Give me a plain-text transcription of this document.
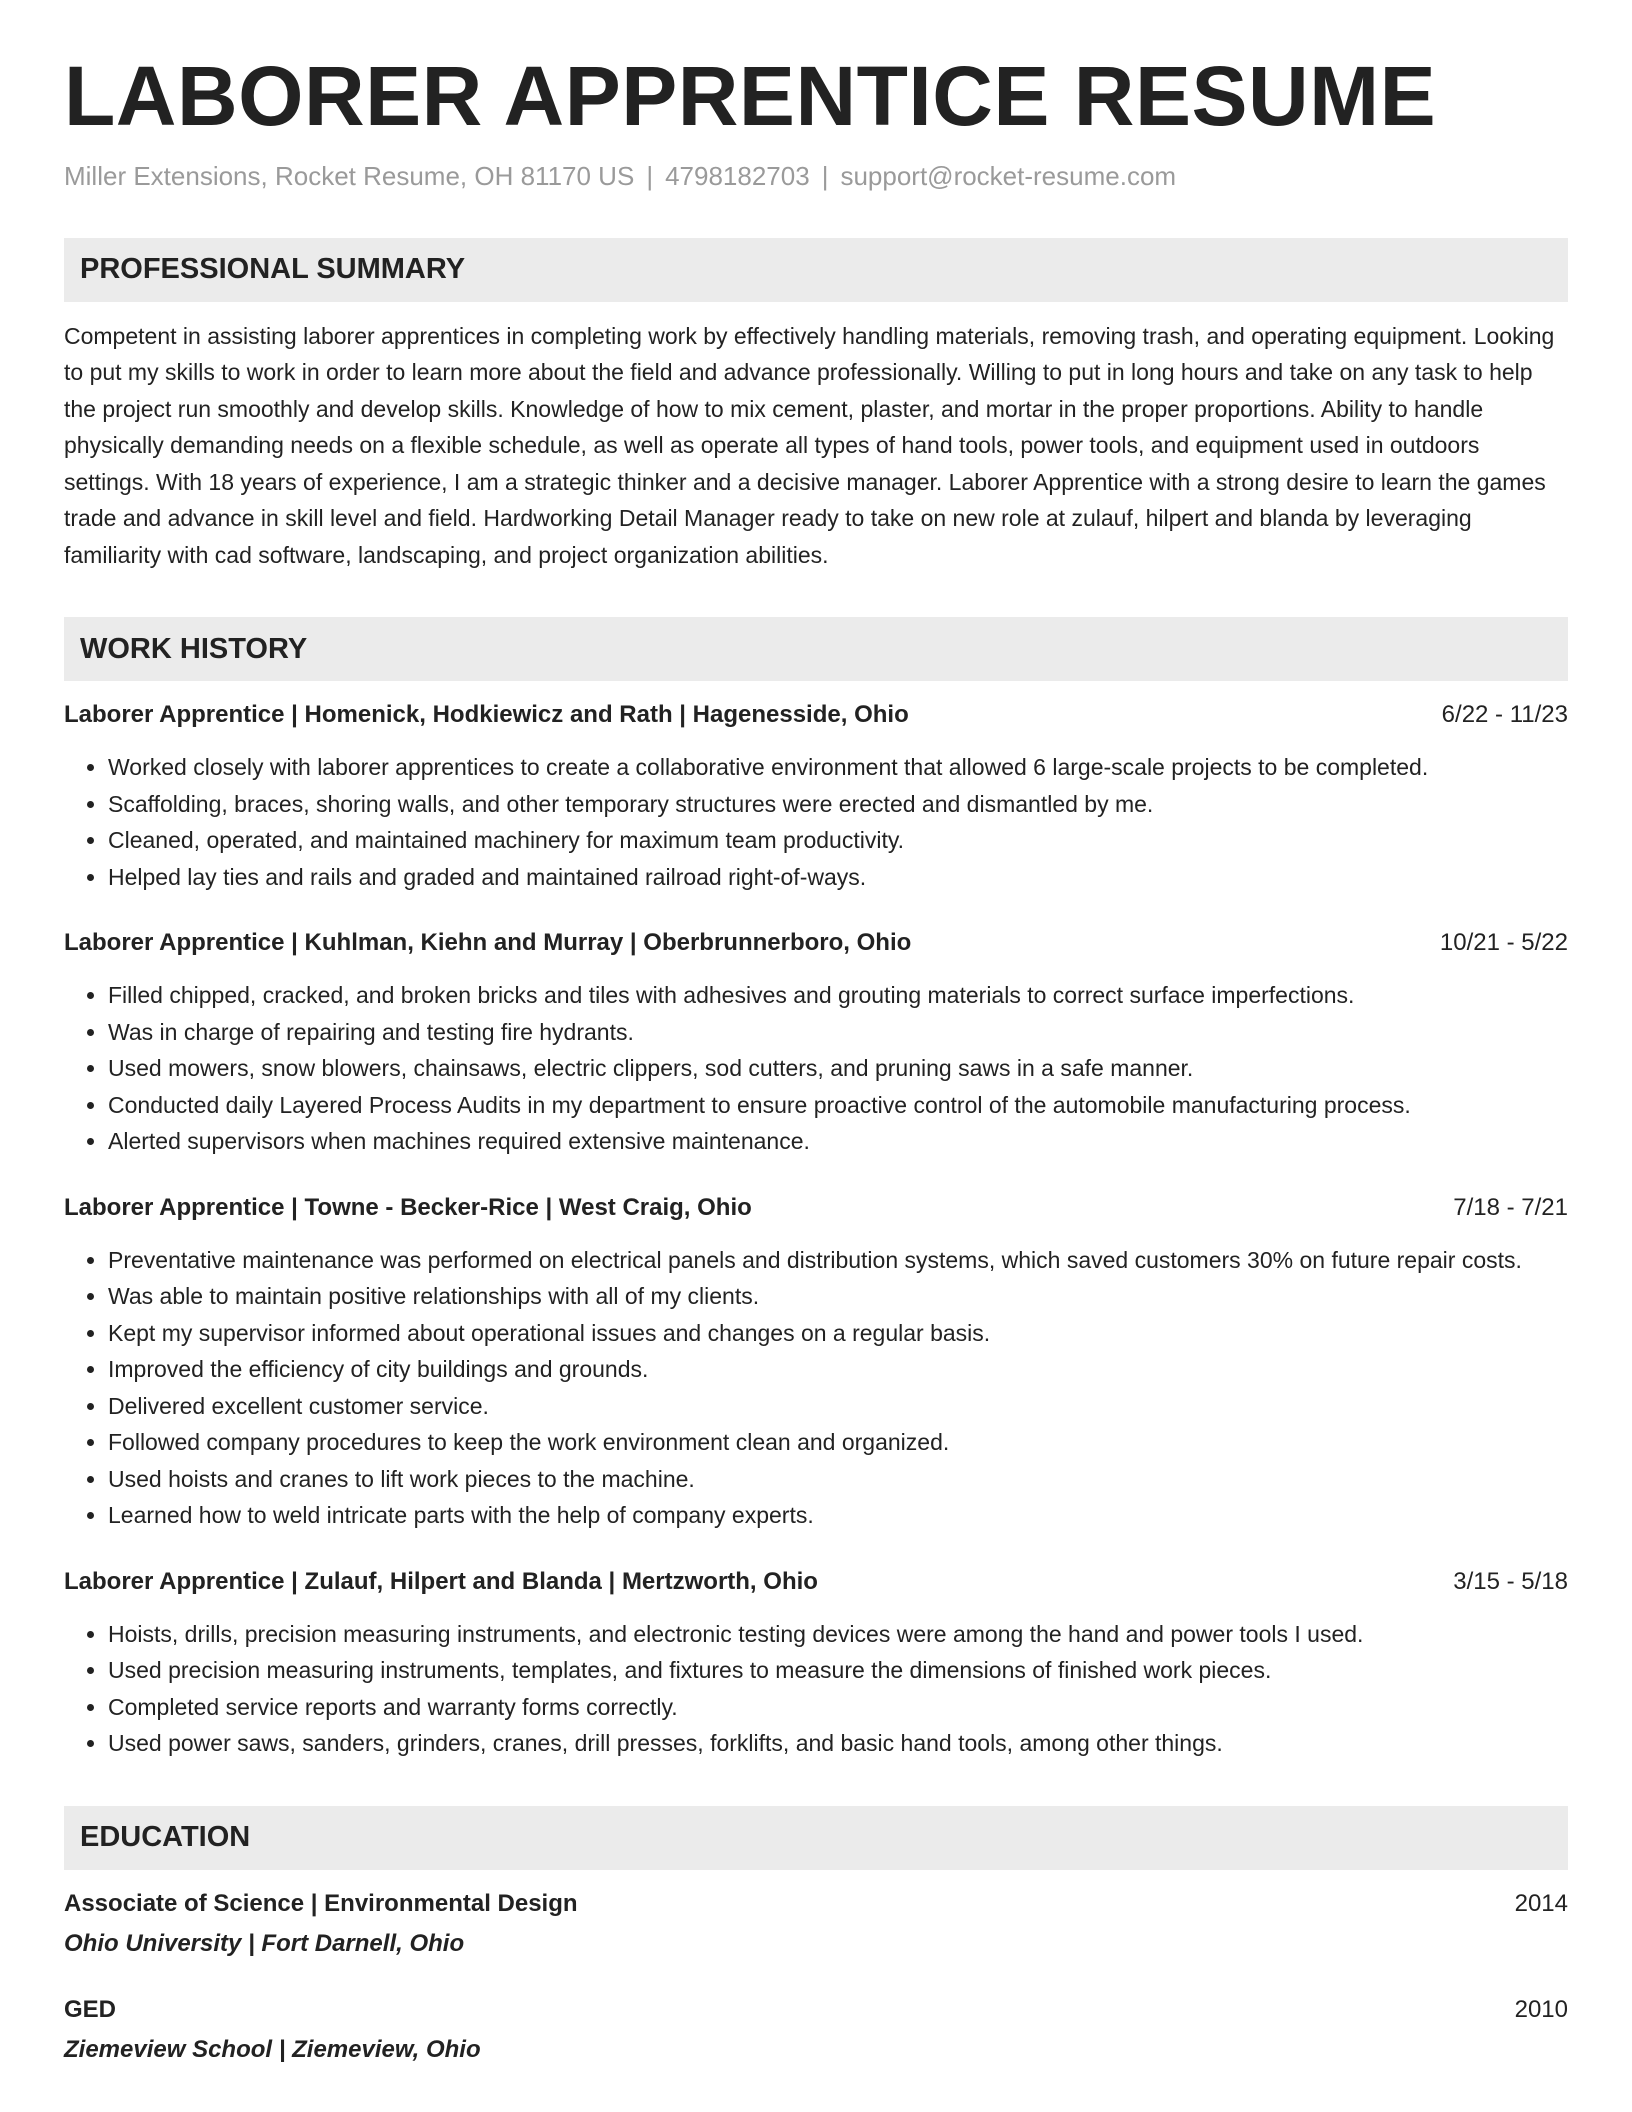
LABORER APPRENTICE RESUME
Miller Extensions, Rocket Resume, OH 81170 US | 4798182703 | support@rocket-resume.com
PROFESSIONAL SUMMARY
Competent in assisting laborer apprentices in completing work by effectively handling materials, removing trash, and operating equipment. Looking to put my skills to work in order to learn more about the field and advance professionally. Willing to put in long hours and take on any task to help the project run smoothly and develop skills. Knowledge of how to mix cement, plaster, and mortar in the proper proportions. Ability to handle physically demanding needs on a flexible schedule, as well as operate all types of hand tools, power tools, and equipment used in outdoors settings. With 18 years of experience, I am a strategic thinker and a decisive manager. Laborer Apprentice with a strong desire to learn the games trade and advance in skill level and field. Hardworking Detail Manager ready to take on new role at zulauf, hilpert and blanda by leveraging familiarity with cad software, landscaping, and project organization abilities.
WORK HISTORY
Laborer Apprentice | Homenick, Hodkiewicz and Rath | Hagenesside, Ohio	6/22 - 11/23
• Worked closely with laborer apprentices to create a collaborative environment that allowed 6 large-scale projects to be completed.
• Scaffolding, braces, shoring walls, and other temporary structures were erected and dismantled by me.
• Cleaned, operated, and maintained machinery for maximum team productivity.
• Helped lay ties and rails and graded and maintained railroad right-of-ways.
Laborer Apprentice | Kuhlman, Kiehn and Murray | Oberbrunnerboro, Ohio	10/21 - 5/22
• Filled chipped, cracked, and broken bricks and tiles with adhesives and grouting materials to correct surface imperfections.
• Was in charge of repairing and testing fire hydrants.
• Used mowers, snow blowers, chainsaws, electric clippers, sod cutters, and pruning saws in a safe manner.
• Conducted daily Layered Process Audits in my department to ensure proactive control of the automobile manufacturing process.
• Alerted supervisors when machines required extensive maintenance.
Laborer Apprentice | Towne - Becker-Rice | West Craig, Ohio	7/18 - 7/21
• Preventative maintenance was performed on electrical panels and distribution systems, which saved customers 30% on future repair costs.
• Was able to maintain positive relationships with all of my clients.
• Kept my supervisor informed about operational issues and changes on a regular basis.
• Improved the efficiency of city buildings and grounds.
• Delivered excellent customer service.
• Followed company procedures to keep the work environment clean and organized.
• Used hoists and cranes to lift work pieces to the machine.
• Learned how to weld intricate parts with the help of company experts.
Laborer Apprentice | Zulauf, Hilpert and Blanda | Mertzworth, Ohio	3/15 - 5/18
• Hoists, drills, precision measuring instruments, and electronic testing devices were among the hand and power tools I used.
• Used precision measuring instruments, templates, and fixtures to measure the dimensions of finished work pieces.
• Completed service reports and warranty forms correctly.
• Used power saws, sanders, grinders, cranes, drill presses, forklifts, and basic hand tools, among other things.
EDUCATION
Associate of Science | Environmental Design	2014
Ohio University | Fort Darnell, Ohio
GED	2010
Ziemeview School | Ziemeview, Ohio
